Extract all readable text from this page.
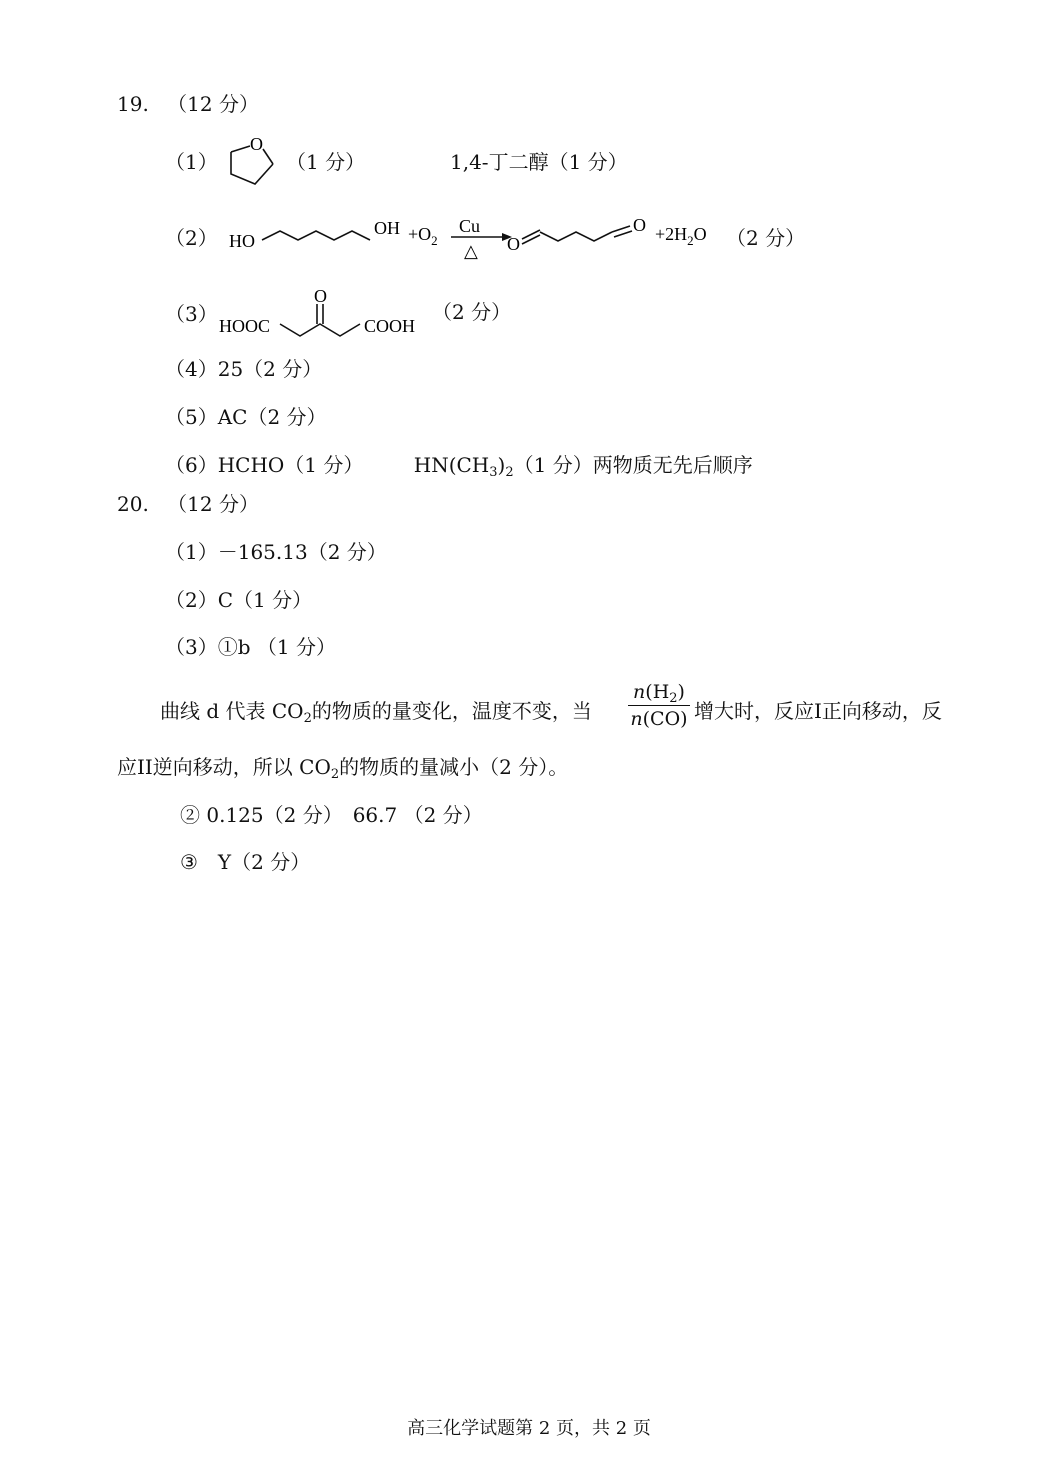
19. （12 分）
（1）
O
（1 分）	1,4-丁二醇（1 分）
（2） HO
OH $+O_2$
Cu
△ O
$O +2H_2O$ （2 分）
（3） HOOC
O
COOH
（2 分）
（4）25（2 分）
（5）AC（2 分）
（6）HCHO（1 分）	$HN(CH_3)_2(1$ 分）两物质无先后顺序
20. （12 分）
（1）－165.13（2 分）
（2）C（1 分）
（3）①b （1 分）
曲线 d 代表 $CO_2$的物质的量变化，温度不变，当
$n(H_2)$
n(CO) 增大时，反应I正向移动，反
应II逆向移动，所以 $CO_2$的物质的量减小（2 分）。
② 0.125（2 分）　66.7 （2 分）
③　Y（2 分）
高三化学试题第 2 页，共 2 页
